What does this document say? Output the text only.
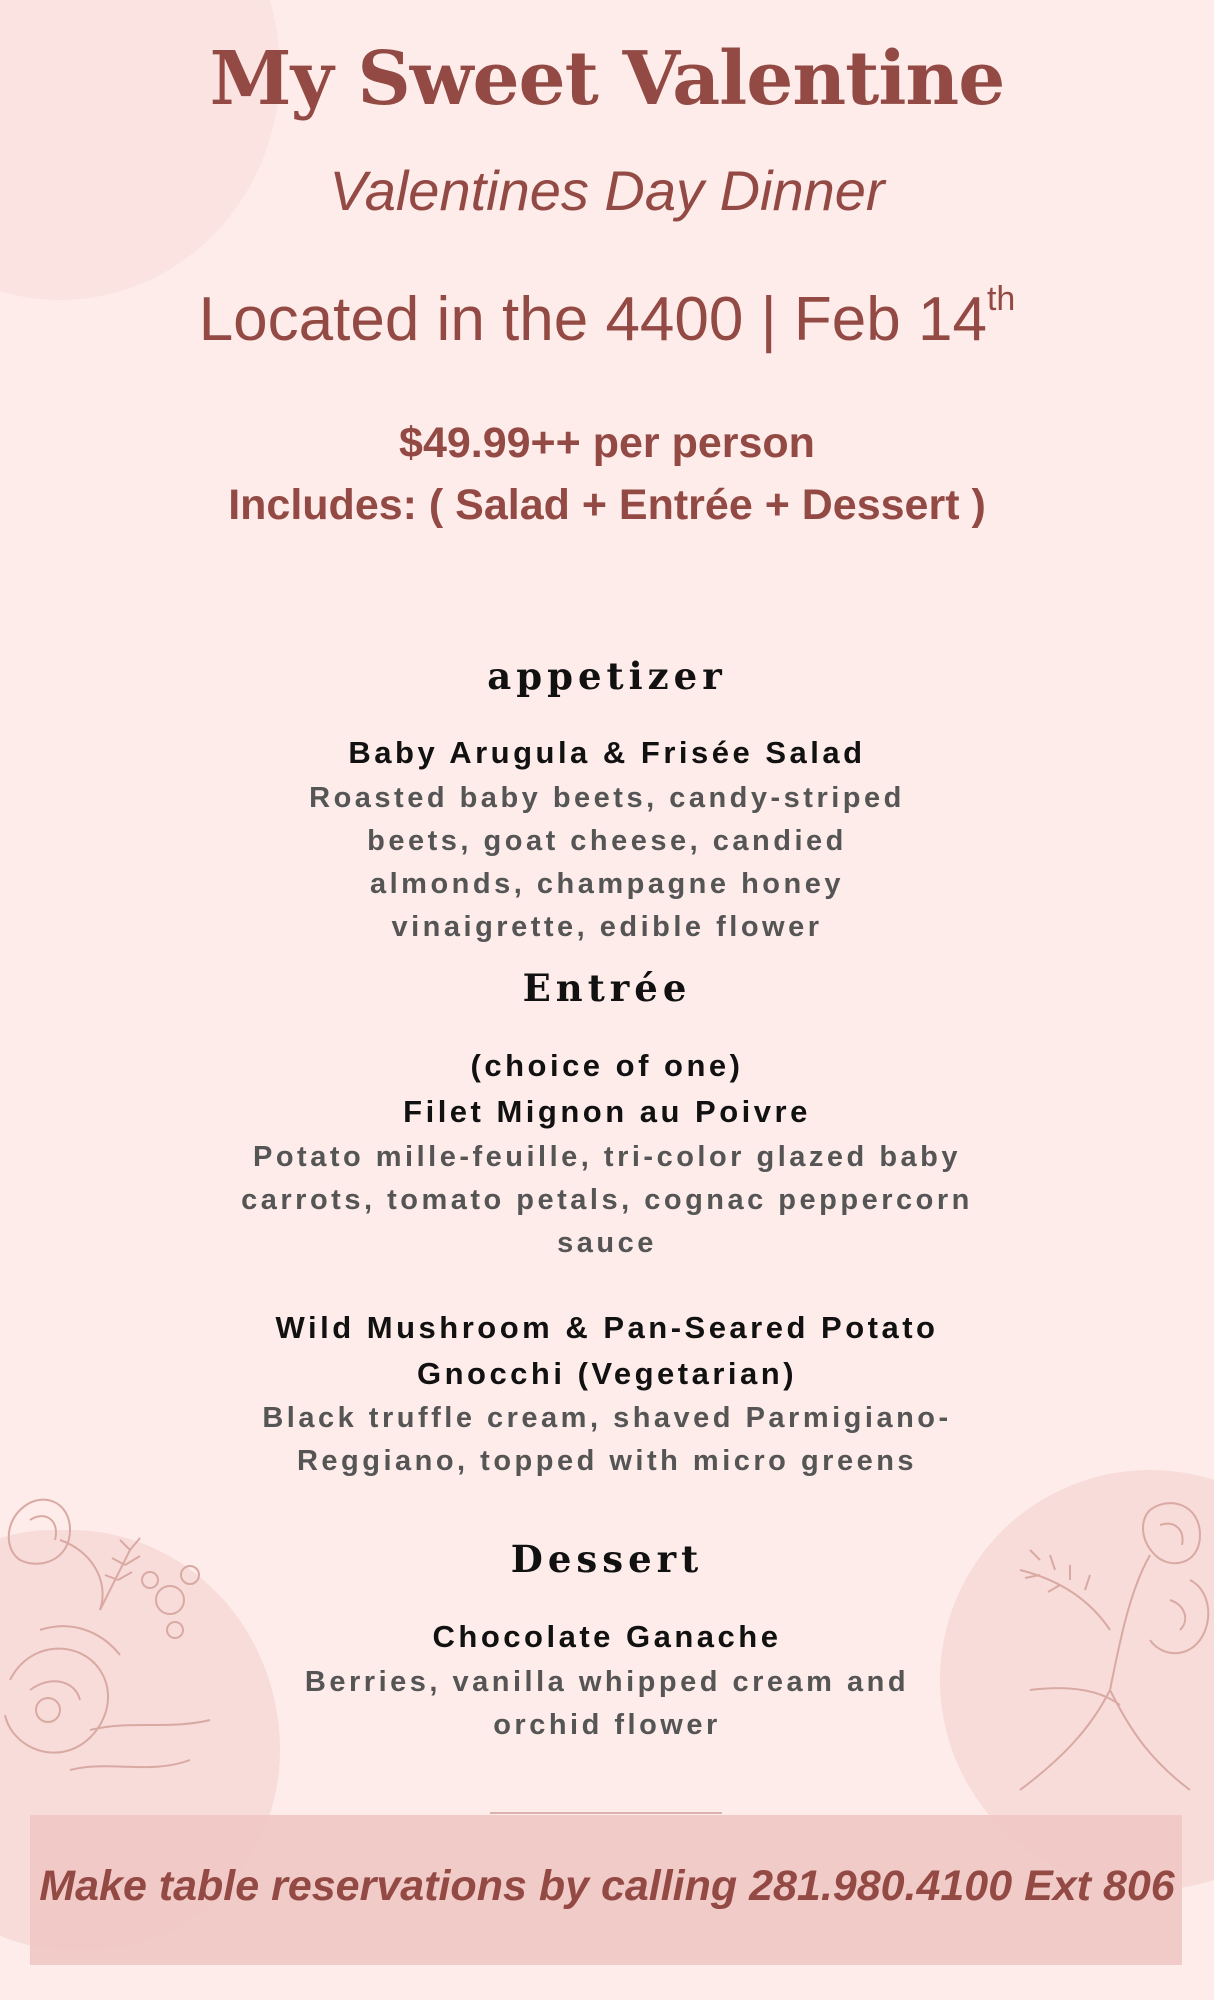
My Sweet Valentine
Valentines Day Dinner
Located in the 4400 | Feb 14th
$49.99++ per person
Includes: ( Salad + Entrée + Dessert )
appetizer
Baby Arugula & Frisée Salad
Roasted baby beets, candy-striped
beets, goat cheese, candied
almonds, champagne honey
vinaigrette, edible flower
Entrée
(choice of one)
Filet Mignon au Poivre
Potato mille-feuille, tri-color glazed baby
carrots, tomato petals, cognac peppercorn
sauce
Wild Mushroom & Pan-Seared Potato
Gnocchi (Vegetarian)
Black truffle cream, shaved Parmigiano-
Reggiano, topped with micro greens
Dessert
Chocolate Ganache
Berries, vanilla whipped cream and
orchid flower
Make table reservations by calling 281.980.4100 Ext 806
